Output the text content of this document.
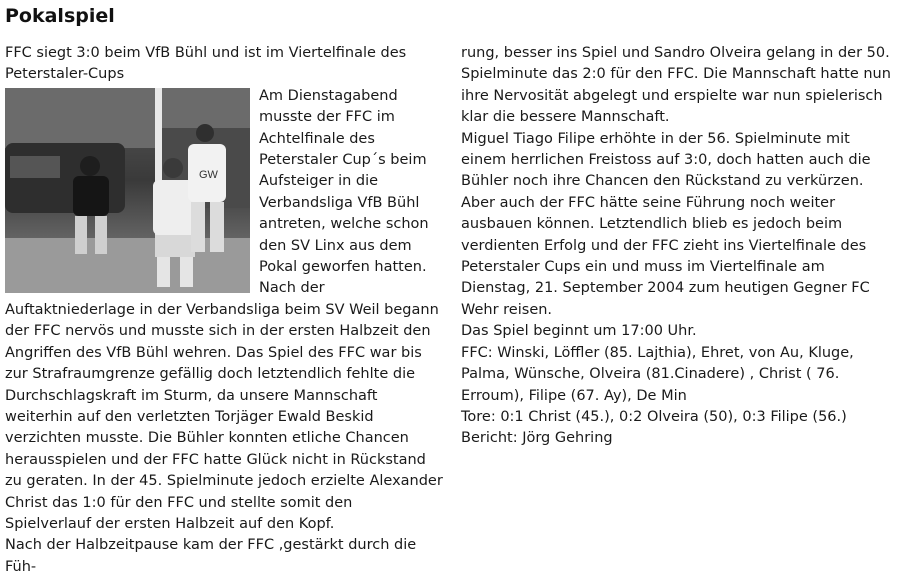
Pokalspiel

FFC siegt 3:0 beim VfB Bühl und ist im Viertelfinale des Peterstaler-Cups

GW

Am Dienstagabend musste der FFC im Achtelfinale des Peterstaler Cup´s beim Aufsteiger in die Verbandsliga VfB Bühl antreten, welche schon den SV Linx aus dem Pokal geworfen hatten. Nach der Auftaktniederlage in der Verbandsliga beim SV Weil begann der FFC nervös und musste sich in der ersten Halbzeit den Angriffen des VfB Bühl wehren. Das Spiel des FFC war bis zur Strafraumgrenze gefällig doch letztendlich fehlte die Durchschlagskraft im Sturm, da unsere Mannschaft weiterhin auf den verletzten Torjäger Ewald Beskid verzichten musste. Die Bühler konnten etliche Chancen herausspielen und der FFC hatte Glück nicht in Rückstand zu geraten. In der 45. Spielminute jedoch erzielte Alexander Christ das 1:0 für den FFC und stellte somit den Spielverlauf der ersten Halbzeit auf den Kopf.

Nach der Halbzeitpause kam der FFC ,gestärkt durch die Füh-

rung, besser ins Spiel und Sandro Olveira gelang in der 50. Spielminute das 2:0 für den FFC. Die Mannschaft hatte nun ihre Nervosität abgelegt und erspielte war nun spielerisch klar die bessere Mannschaft.

Miguel Tiago Filipe erhöhte in der 56. Spielminute mit einem herrlichen Freistoss auf 3:0, doch hatten auch die Bühler noch ihre Chancen den Rückstand zu verkürzen. Aber auch der FFC hätte seine Führung noch weiter ausbauen können. Letztendlich blieb es jedoch beim verdienten Erfolg und der FFC zieht ins Viertelfinale des Peterstaler Cups ein und muss im Viertelfinale am Dienstag, 21. September 2004 zum heutigen Gegner FC Wehr reisen.

Das Spiel beginnt um 17:00 Uhr.

FFC: Winski, Löffler (85. Lajthia), Ehret, von Au, Kluge, Palma, Wünsche, Olveira (81.Cinadere) , Christ ( 76. Erroum), Filipe (67. Ay), De Min

Tore: 0:1 Christ (45.), 0:2 Olveira (50), 0:3 Filipe (56.)

Bericht: Jörg Gehring
